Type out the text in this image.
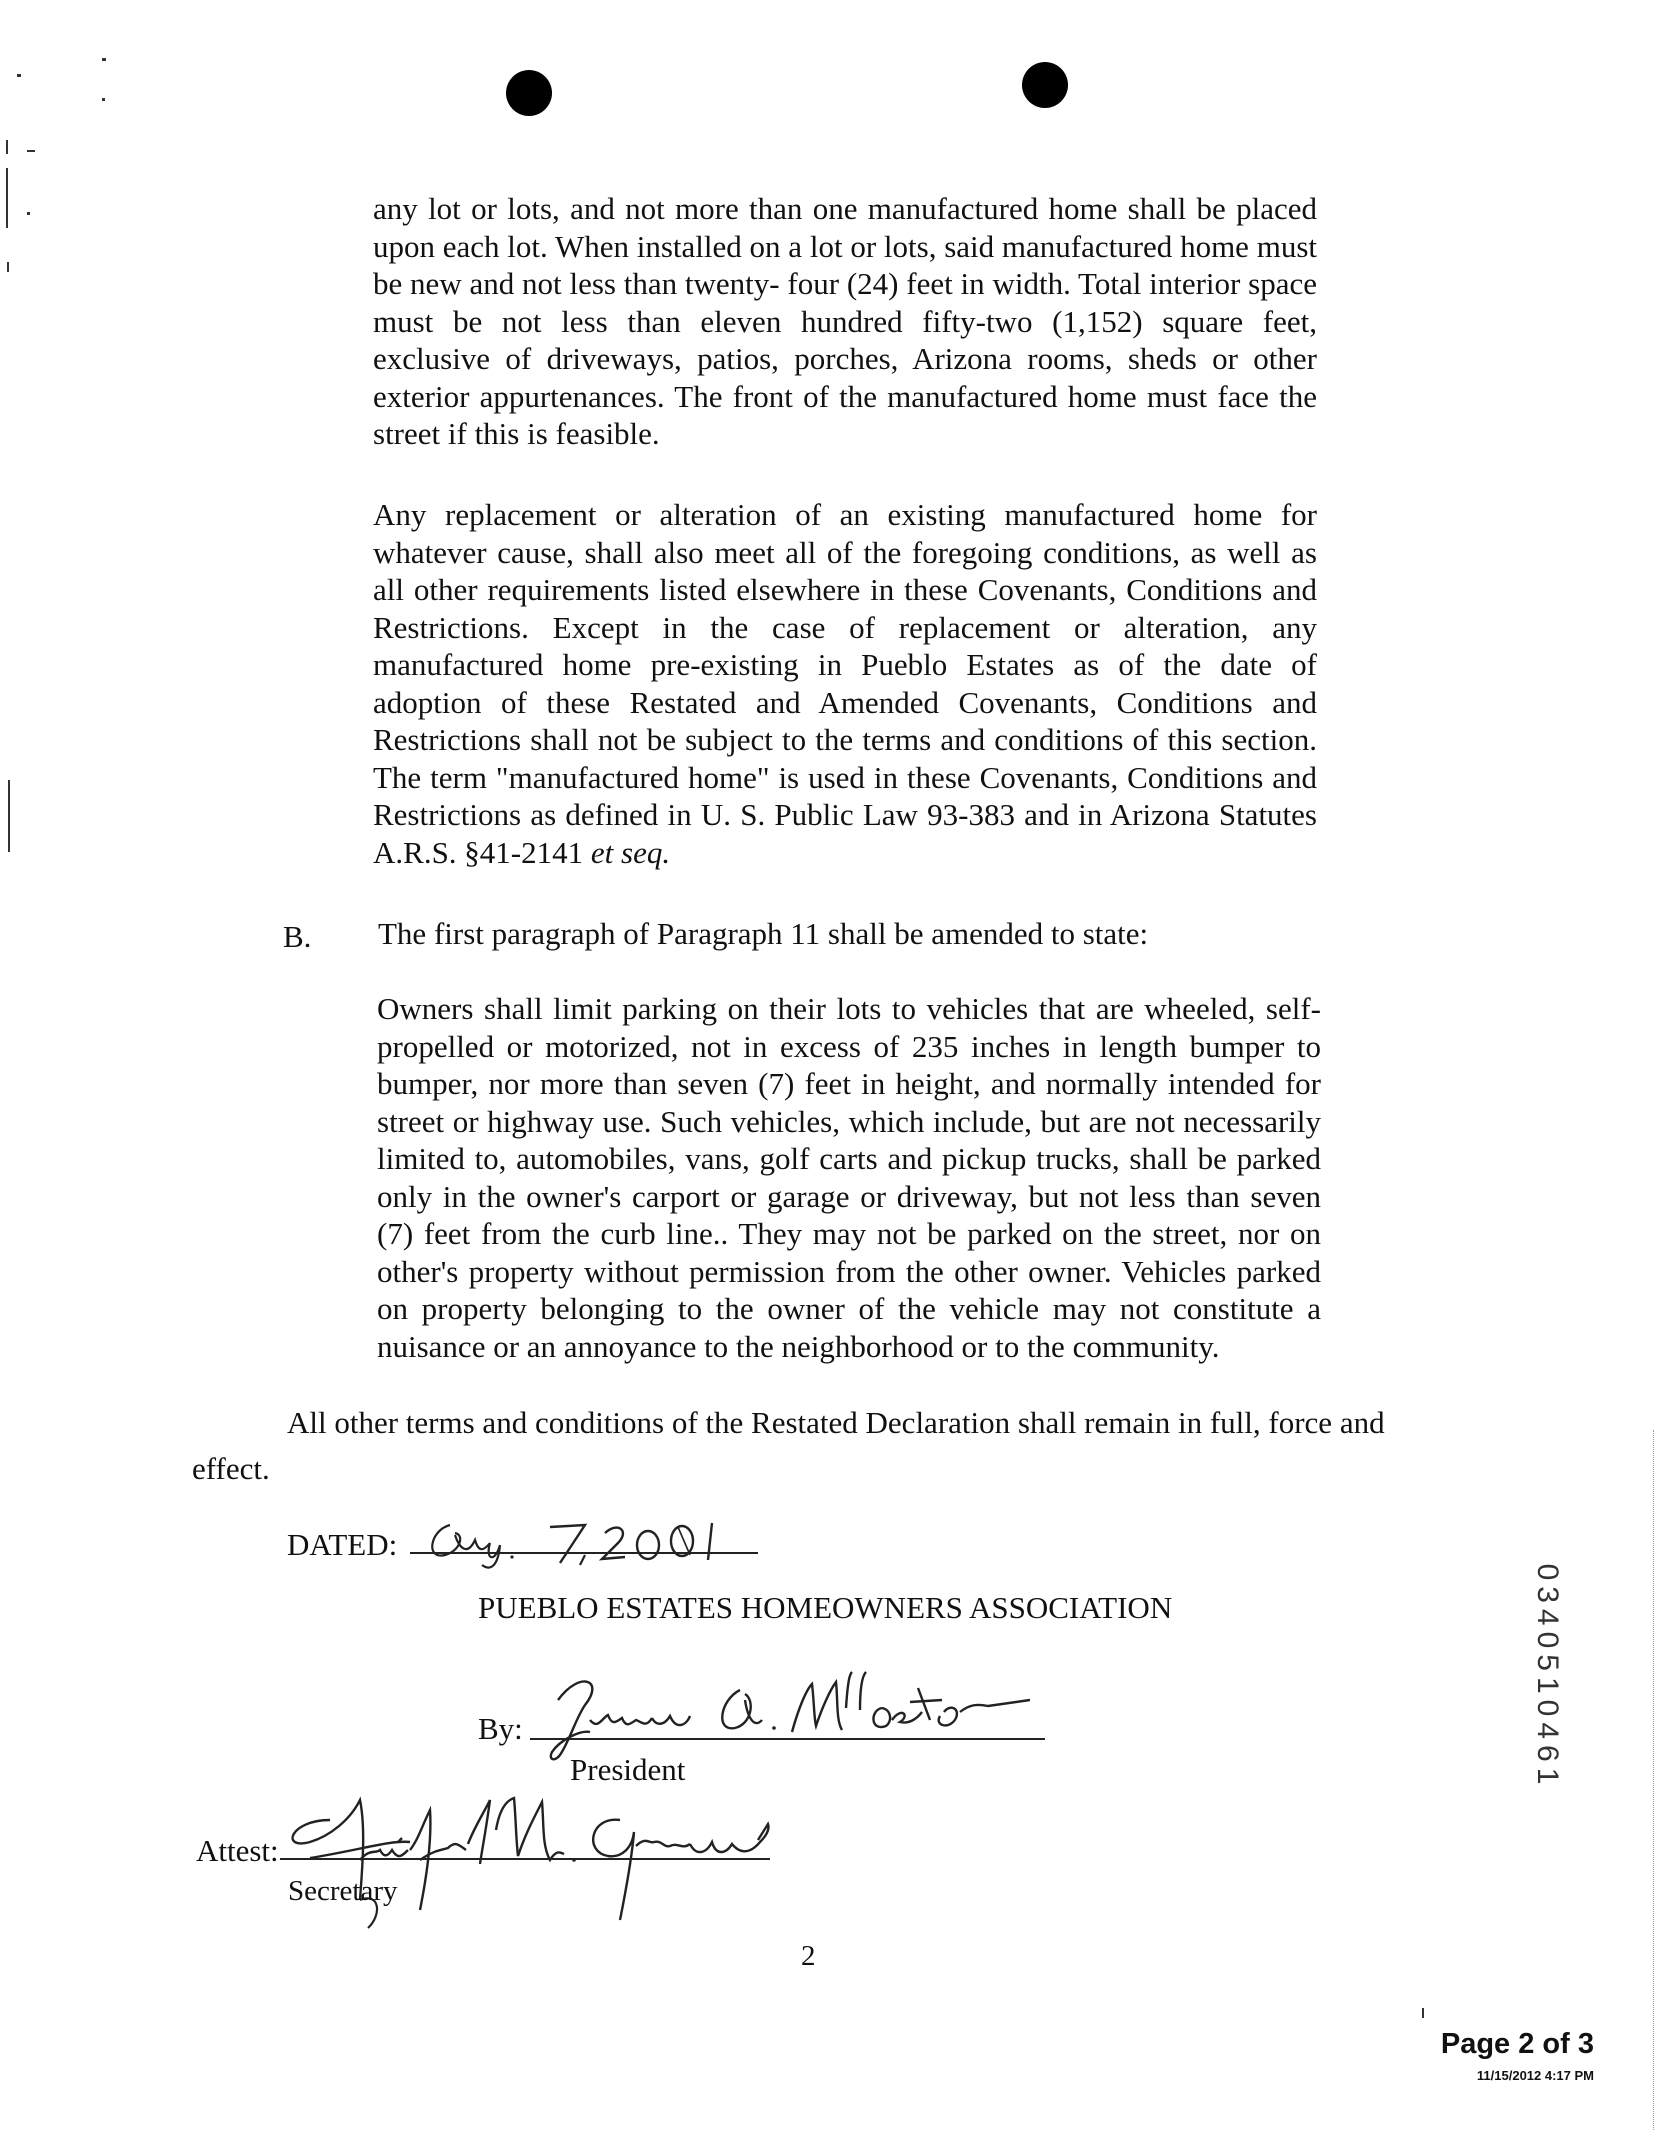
any lot or lots, and not more than one manufactured home shall be placed upon each lot. When installed on a lot or lots, said manufactured home must be new and not less than twenty- four (24) feet in width. Total interior space must be not less than eleven hundred fifty-two (1,152) square feet, exclusive of driveways, patios, porches, Arizona rooms, sheds or other exterior appurtenances. The front of the manufactured home must face the street if this is feasible.
Any replacement or alteration of an existing manufactured home for whatever cause, shall also meet all of the foregoing conditions, as well as all other requirements listed elsewhere in these Covenants, Conditions and Restrictions. Except in the case of replacement or alteration, any manufactured home pre-existing in Pueblo Estates as of the date of adoption of these Restated and Amended Covenants, Conditions and Restrictions shall not be subject to the terms and conditions of this section. The term "manufactured home" is used in these Covenants, Conditions and Restrictions as defined in U. S. Public Law 93-383 and in Arizona Statutes A.R.S. §41-2141 et seq.
B. The first paragraph of Paragraph 11 shall be amended to state:
Owners shall limit parking on their lots to vehicles that are wheeled, self-propelled or motorized, not in excess of 235 inches in length bumper to bumper, nor more than seven (7) feet in height, and normally intended for street or highway use. Such vehicles, which include, but are not necessarily limited to, automobiles, vans, golf carts and pickup trucks, shall be parked only in the owner's carport or garage or driveway, but not less than seven (7) feet from the curb line.. They may not be parked on the street, nor on other's property without permission from the other owner. Vehicles parked on property belonging to the owner of the vehicle may not constitute a nuisance or an annoyance to the neighborhood or to the community.
All other terms and conditions of the Restated Declaration shall remain in full, force and
effect.
DATED:
PUEBLO ESTATES HOMEOWNERS ASSOCIATION
By:
President
Attest:
Secretary
2
0340510461
Page 2 of 3
11/15/2012 4:17 PM
